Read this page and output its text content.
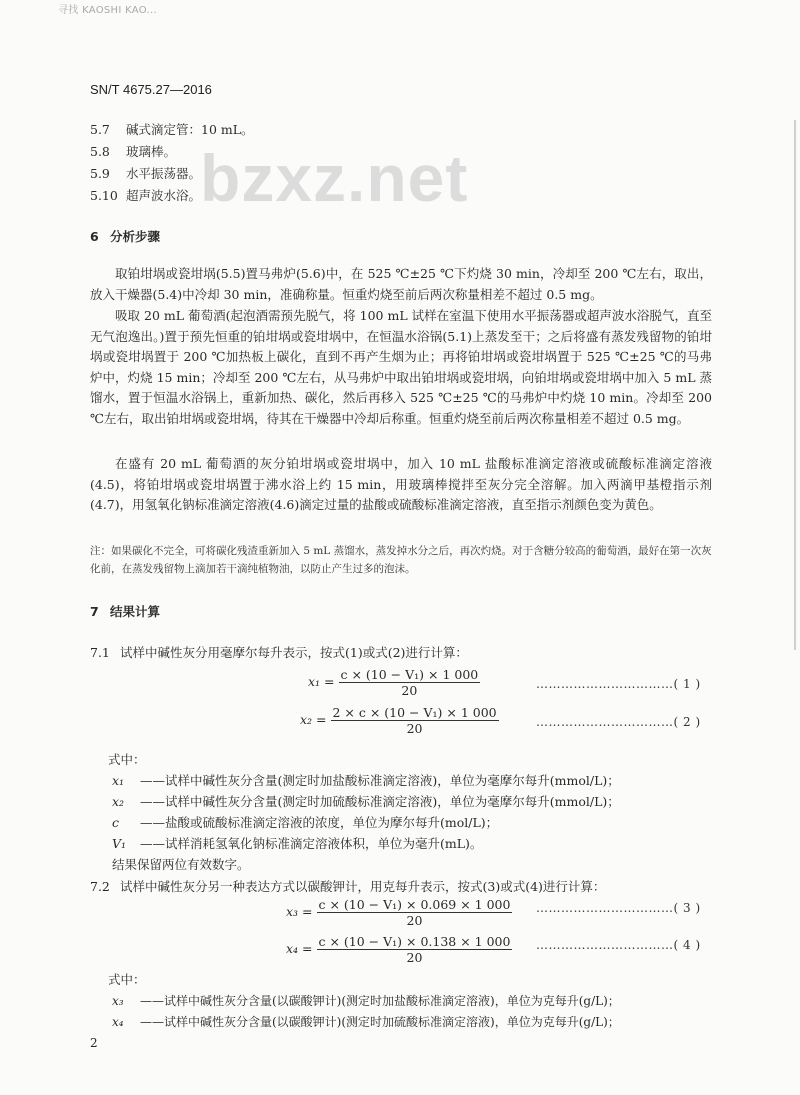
寻找 KAOSHI KAO...
SN/T 4675.27—2016
bzxz.net
5.7 碱式滴定管：10 mL。
5.8 玻璃棒。
5.9 水平振荡器。
5.10 超声波水浴。
6 分析步骤
取铂坩埚或瓷坩埚(5.5)置马弗炉(5.6)中，在 525 ℃±25 ℃下灼烧 30 min，冷却至 200 ℃左右，取出，放入干燥器(5.4)中冷却 30 min，准确称量。恒重灼烧至前后两次称量相差不超过 0.5 mg。
吸取 20 mL 葡萄酒(起泡酒需预先脱气，将 100 mL 试样在室温下使用水平振荡器或超声波水浴脱气，直至无气泡逸出。)置于预先恒重的铂坩埚或瓷坩埚中，在恒温水浴锅(5.1)上蒸发至干；之后将盛有蒸发残留物的铂坩埚或瓷坩埚置于 200 ℃加热板上碳化，直到不再产生烟为止；再将铂坩埚或瓷坩埚置于 525 ℃±25 ℃的马弗炉中，灼烧 15 min；冷却至 200 ℃左右，从马弗炉中取出铂坩埚或瓷坩埚，向铂坩埚或瓷坩埚中加入 5 mL 蒸馏水，置于恒温水浴锅上，重新加热、碳化，然后再移入 525 ℃±25 ℃的马弗炉中灼烧 10 min。冷却至 200 ℃左右，取出铂坩埚或瓷坩埚，待其在干燥器中冷却后称重。恒重灼烧至前后两次称量相差不超过 0.5 mg。
在盛有 20 mL 葡萄酒的灰分铂坩埚或瓷坩埚中，加入 10 mL 盐酸标准滴定溶液或硫酸标准滴定溶液(4.5)，将铂坩埚或瓷坩埚置于沸水浴上约 15 min，用玻璃棒搅拌至灰分完全溶解。加入两滴甲基橙指示剂(4.7)，用氢氧化钠标准滴定溶液(4.6)滴定过量的盐酸或硫酸标准滴定溶液，直至指示剂颜色变为黄色。
注：如果碳化不完全，可将碳化残渣重新加入 5 mL 蒸馏水，蒸发掉水分之后，再次灼烧。对于含糖分较高的葡萄酒，最好在第一次灰化前，在蒸发残留物上滴加若干滴纯植物油，以防止产生过多的泡沫。
7 结果计算
7.1 试样中碱性灰分用毫摩尔每升表示，按式(1)或式(2)进行计算：
$x_1 = \frac{\text{c × (10 − V₁) × 1 000}}{20}$	……………………………( 1 )
$x_2 = \frac{\text{2 × c × (10 − V₁) × 1 000}}{20}$	……………………………( 2 )
式中：
x₁ ——试样中碱性灰分含量(测定时加盐酸标准滴定溶液)，单位为毫摩尔每升(mmol/L)；
x₂ ——试样中碱性灰分含量(测定时加硫酸标准滴定溶液)，单位为毫摩尔每升(mmol/L)；
c ——盐酸或硫酸标准滴定溶液的浓度，单位为摩尔每升(mol/L)；
V₁ ——试样消耗氢氧化钠标准滴定溶液体积，单位为毫升(mL)。
结果保留两位有效数字。
7.2 试样中碱性灰分另一种表达方式以碳酸钾计，用克每升表示，按式(3)或式(4)进行计算：
$x_3 = \frac{\text{c × (10 − V₁) × 0.069 × 1 000}}{20}$ ……………………………( 3 )
$x_4 = \frac{\text{c × (10 − V₁) × 0.138 × 1 000}}{20}$ ……………………………( 4 )
式中：
x₃ ——试样中碱性灰分含量(以碳酸钾计)(测定时加盐酸标准滴定溶液)，单位为克每升(g/L)；
x₄ ——试样中碱性灰分含量(以碳酸钾计)(测定时加硫酸标准滴定溶液)，单位为克每升(g/L)；
2
